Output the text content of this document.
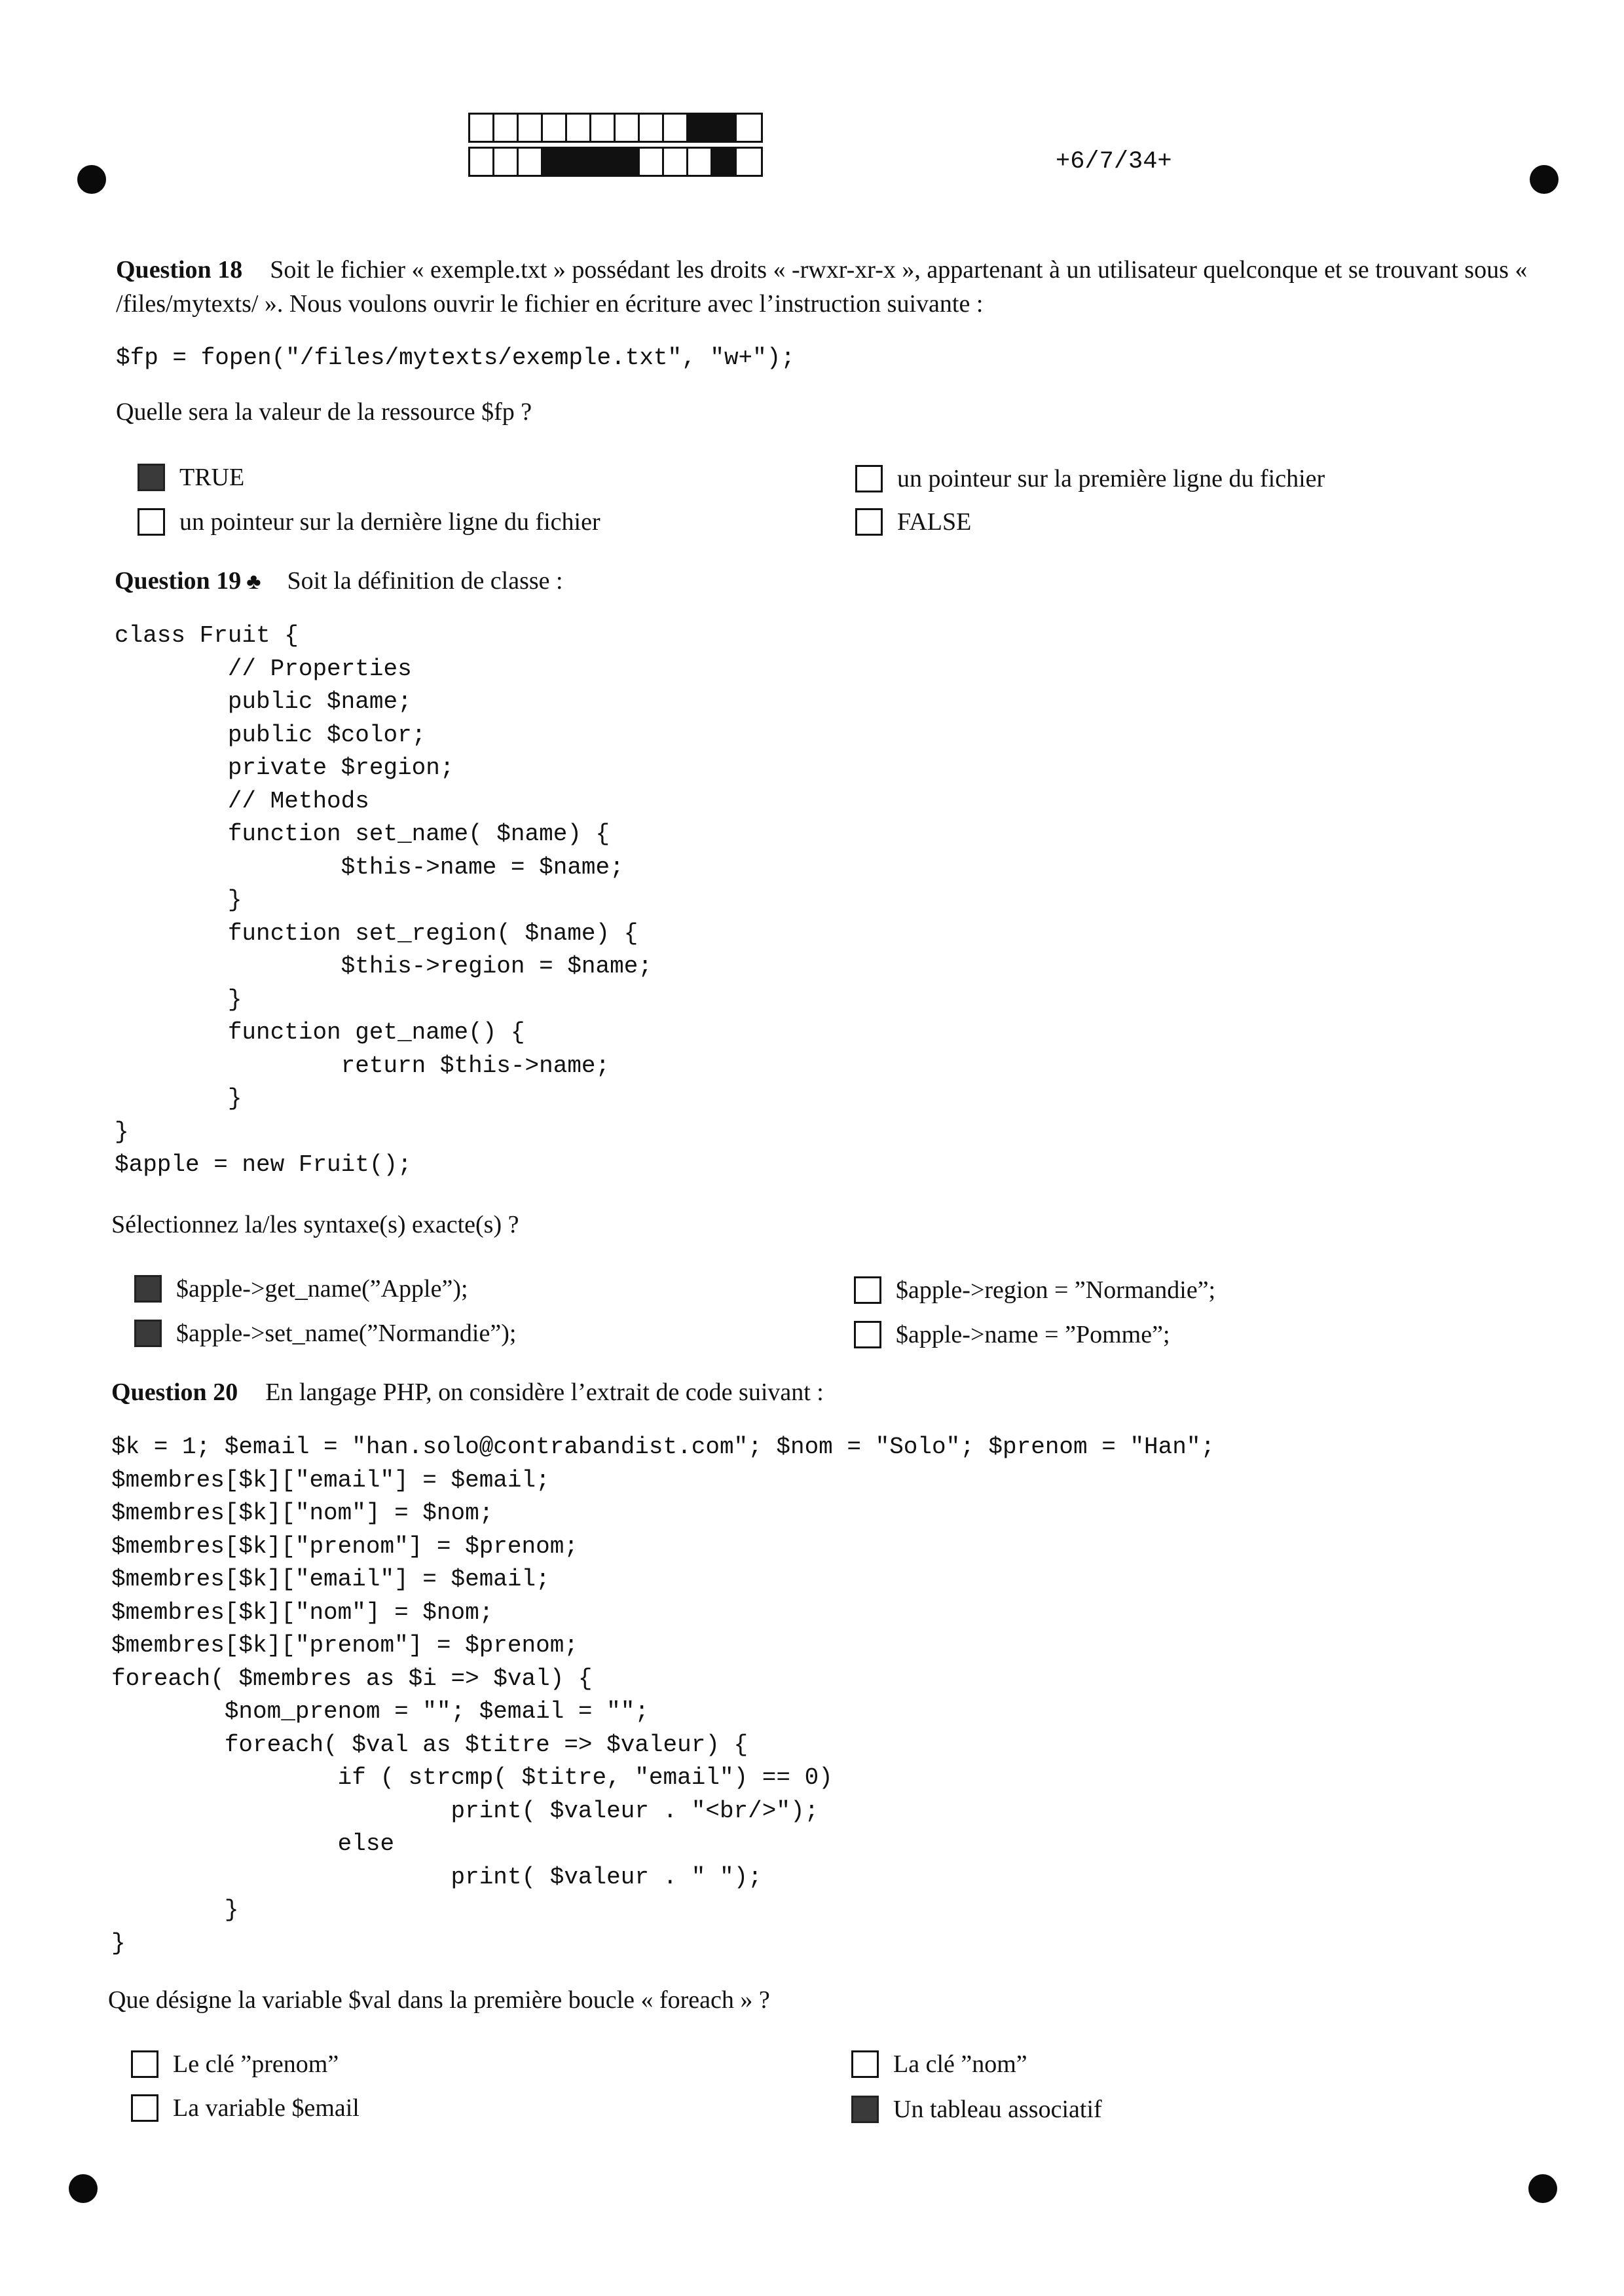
+6/7/34+
Question 18 Soit le fichier « exemple.txt » possédant les droits « -rwxr-xr-x », appartenant à un utilisateur quelconque et se trouvant sous « /files/mytexts/ ». Nous voulons ouvrir le fichier en écriture avec l’instruction suivante :
$fp = fopen("/files/mytexts/exemple.txt", "w+");
Quelle sera la valeur de la ressource $fp ?
TRUE
un pointeur sur la dernière ligne du fichier
un pointeur sur la première ligne du fichier
FALSE
Question 19 ♣ Soit la définition de classe :
class Fruit {
// Properties
public $name;
public $color;
private $region;
// Methods
function set_name( $name) {
$this->name = $name;
}
function set_region( $name) {
$this->region = $name;
}
function get_name() {
return $this->name;
}
}
$apple = new Fruit();
Sélectionnez la/les syntaxe(s) exacte(s) ?
$apple->get_name(”Apple”);
$apple->set_name(”Normandie”);
$apple->region = ”Normandie”;
$apple->name = ”Pomme”;
Question 20 En langage PHP, on considère l’extrait de code suivant :
$k = 1; $email = "han.solo@contrabandist.com"; $nom = "Solo"; $prenom = "Han";
$membres[$k]["email"] = $email;
$membres[$k]["nom"] = $nom;
$membres[$k]["prenom"] = $prenom;
$membres[$k]["email"] = $email;
$membres[$k]["nom"] = $nom;
$membres[$k]["prenom"] = $prenom;
foreach( $membres as $i => $val) {
$nom_prenom = ""; $email = "";
foreach( $val as $titre => $valeur) {
if ( strcmp( $titre, "email") == 0)
print( $valeur . "<br/>");
else
print( $valeur . " ");
}
}
Que désigne la variable $val dans la première boucle « foreach » ?
Le clé ”prenom”
La variable $email
La clé ”nom”
Un tableau associatif
